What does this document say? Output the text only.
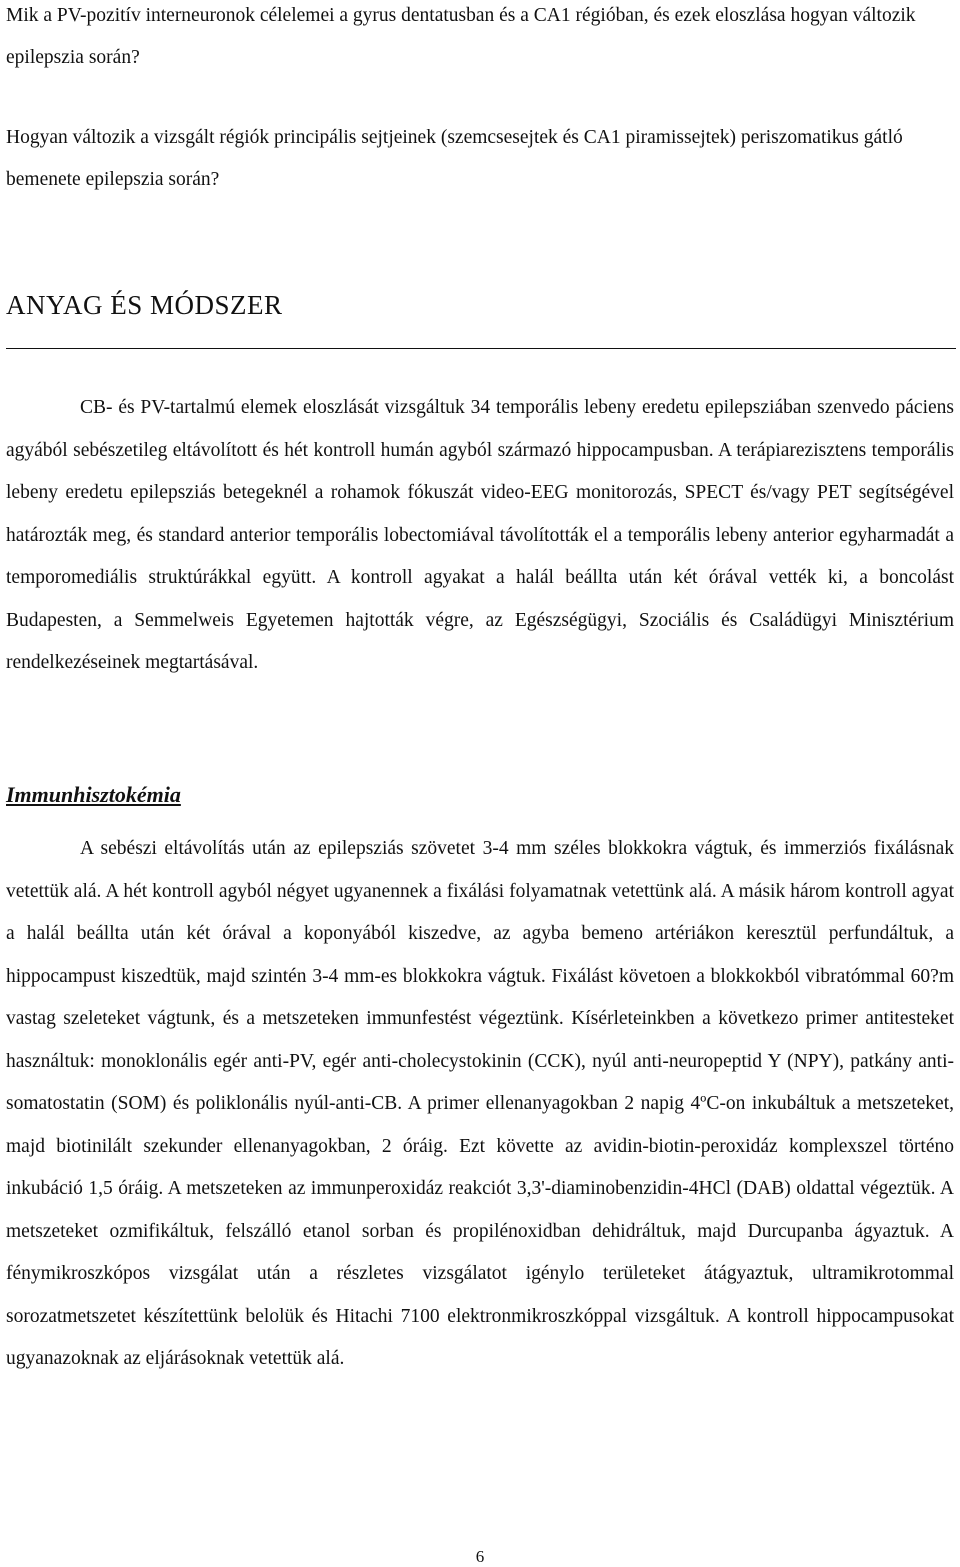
Mik a PV-pozitív interneuronok célelemei a gyrus dentatusban és a CA1 régióban, és ezek eloszlása hogyan változik epilepszia során?

Hogyan változik a vizsgált régiók principális sejtjeinek (szemcsesejtek és CA1 piramissejtek) periszomatikus gátló bemenete epilepszia során?

ANYAG ÉS MÓDSZER

CB- és PV-tartalmú elemek eloszlását vizsgáltuk 34 temporális lebeny eredetu epilepsziában szenvedo páciens agyából sebészetileg eltávolított és hét kontroll humán agyból származó hippocampusban. A terápiarezisztens temporális lebeny eredetu epilepsziás betegeknél a rohamok fókuszát video-EEG monitorozás, SPECT és/vagy PET segítségével határozták meg, és standard anterior temporális lobectomiával távolították el a temporális lebeny anterior egyharmadát a temporomediális struktúrákkal együtt. A kontroll agyakat a halál beállta után két órával vették ki, a boncolást Budapesten, a Semmelweis Egyetemen hajtották végre, az Egészségügyi, Szociális és Családügyi Minisztérium rendelkezéseinek megtartásával.

Immunhisztokémia

A sebészi eltávolítás után az epilepsziás szövetet 3-4 mm széles blokkokra vágtuk, és immerziós fixálásnak vetettük alá. A hét kontroll agyból négyet ugyanennek a fixálási folyamatnak vetettünk alá. A másik három kontroll agyat a halál beállta után két órával a koponyából kiszedve, az agyba bemeno artériákon keresztül perfundáltuk, a hippocampust kiszedtük, majd szintén 3-4 mm-es blokkokra vágtuk. Fixálást követoen a blokkokból vibratómmal 60?m vastag szeleteket vágtunk, és a metszeteken immunfestést végeztünk. Kísérleteinkben a következo primer antitesteket használtuk: monoklonális egér anti-PV, egér anti-cholecystokinin (CCK), nyúl anti-neuropeptid Y (NPY), patkány anti-somatostatin (SOM) és poliklonális nyúl-anti-CB. A primer ellenanyagokban 2 napig 4ºC-on inkubáltuk a metszeteket, majd biotinilált szekunder ellenanyagokban, 2 óráig. Ezt követte az avidin-biotin-peroxidáz komplexszel történo inkubáció 1,5 óráig. A metszeteken az immunperoxidáz reakciót 3,3'-diaminobenzidin-4HCl (DAB) oldattal végeztük. A metszeteket ozmifikáltuk, felszálló etanol sorban és propilénoxidban dehidráltuk, majd Durcupanba ágyaztuk. A fénymikroszkópos vizsgálat után a részletes vizsgálatot igénylo területeket átágyaztuk, ultramikrotommal sorozatmetszetet készítettünk belolük és Hitachi 7100 elektronmikroszkóppal vizsgáltuk. A kontroll hippocampusokat ugyanazoknak az eljárásoknak vetettük alá.

6
